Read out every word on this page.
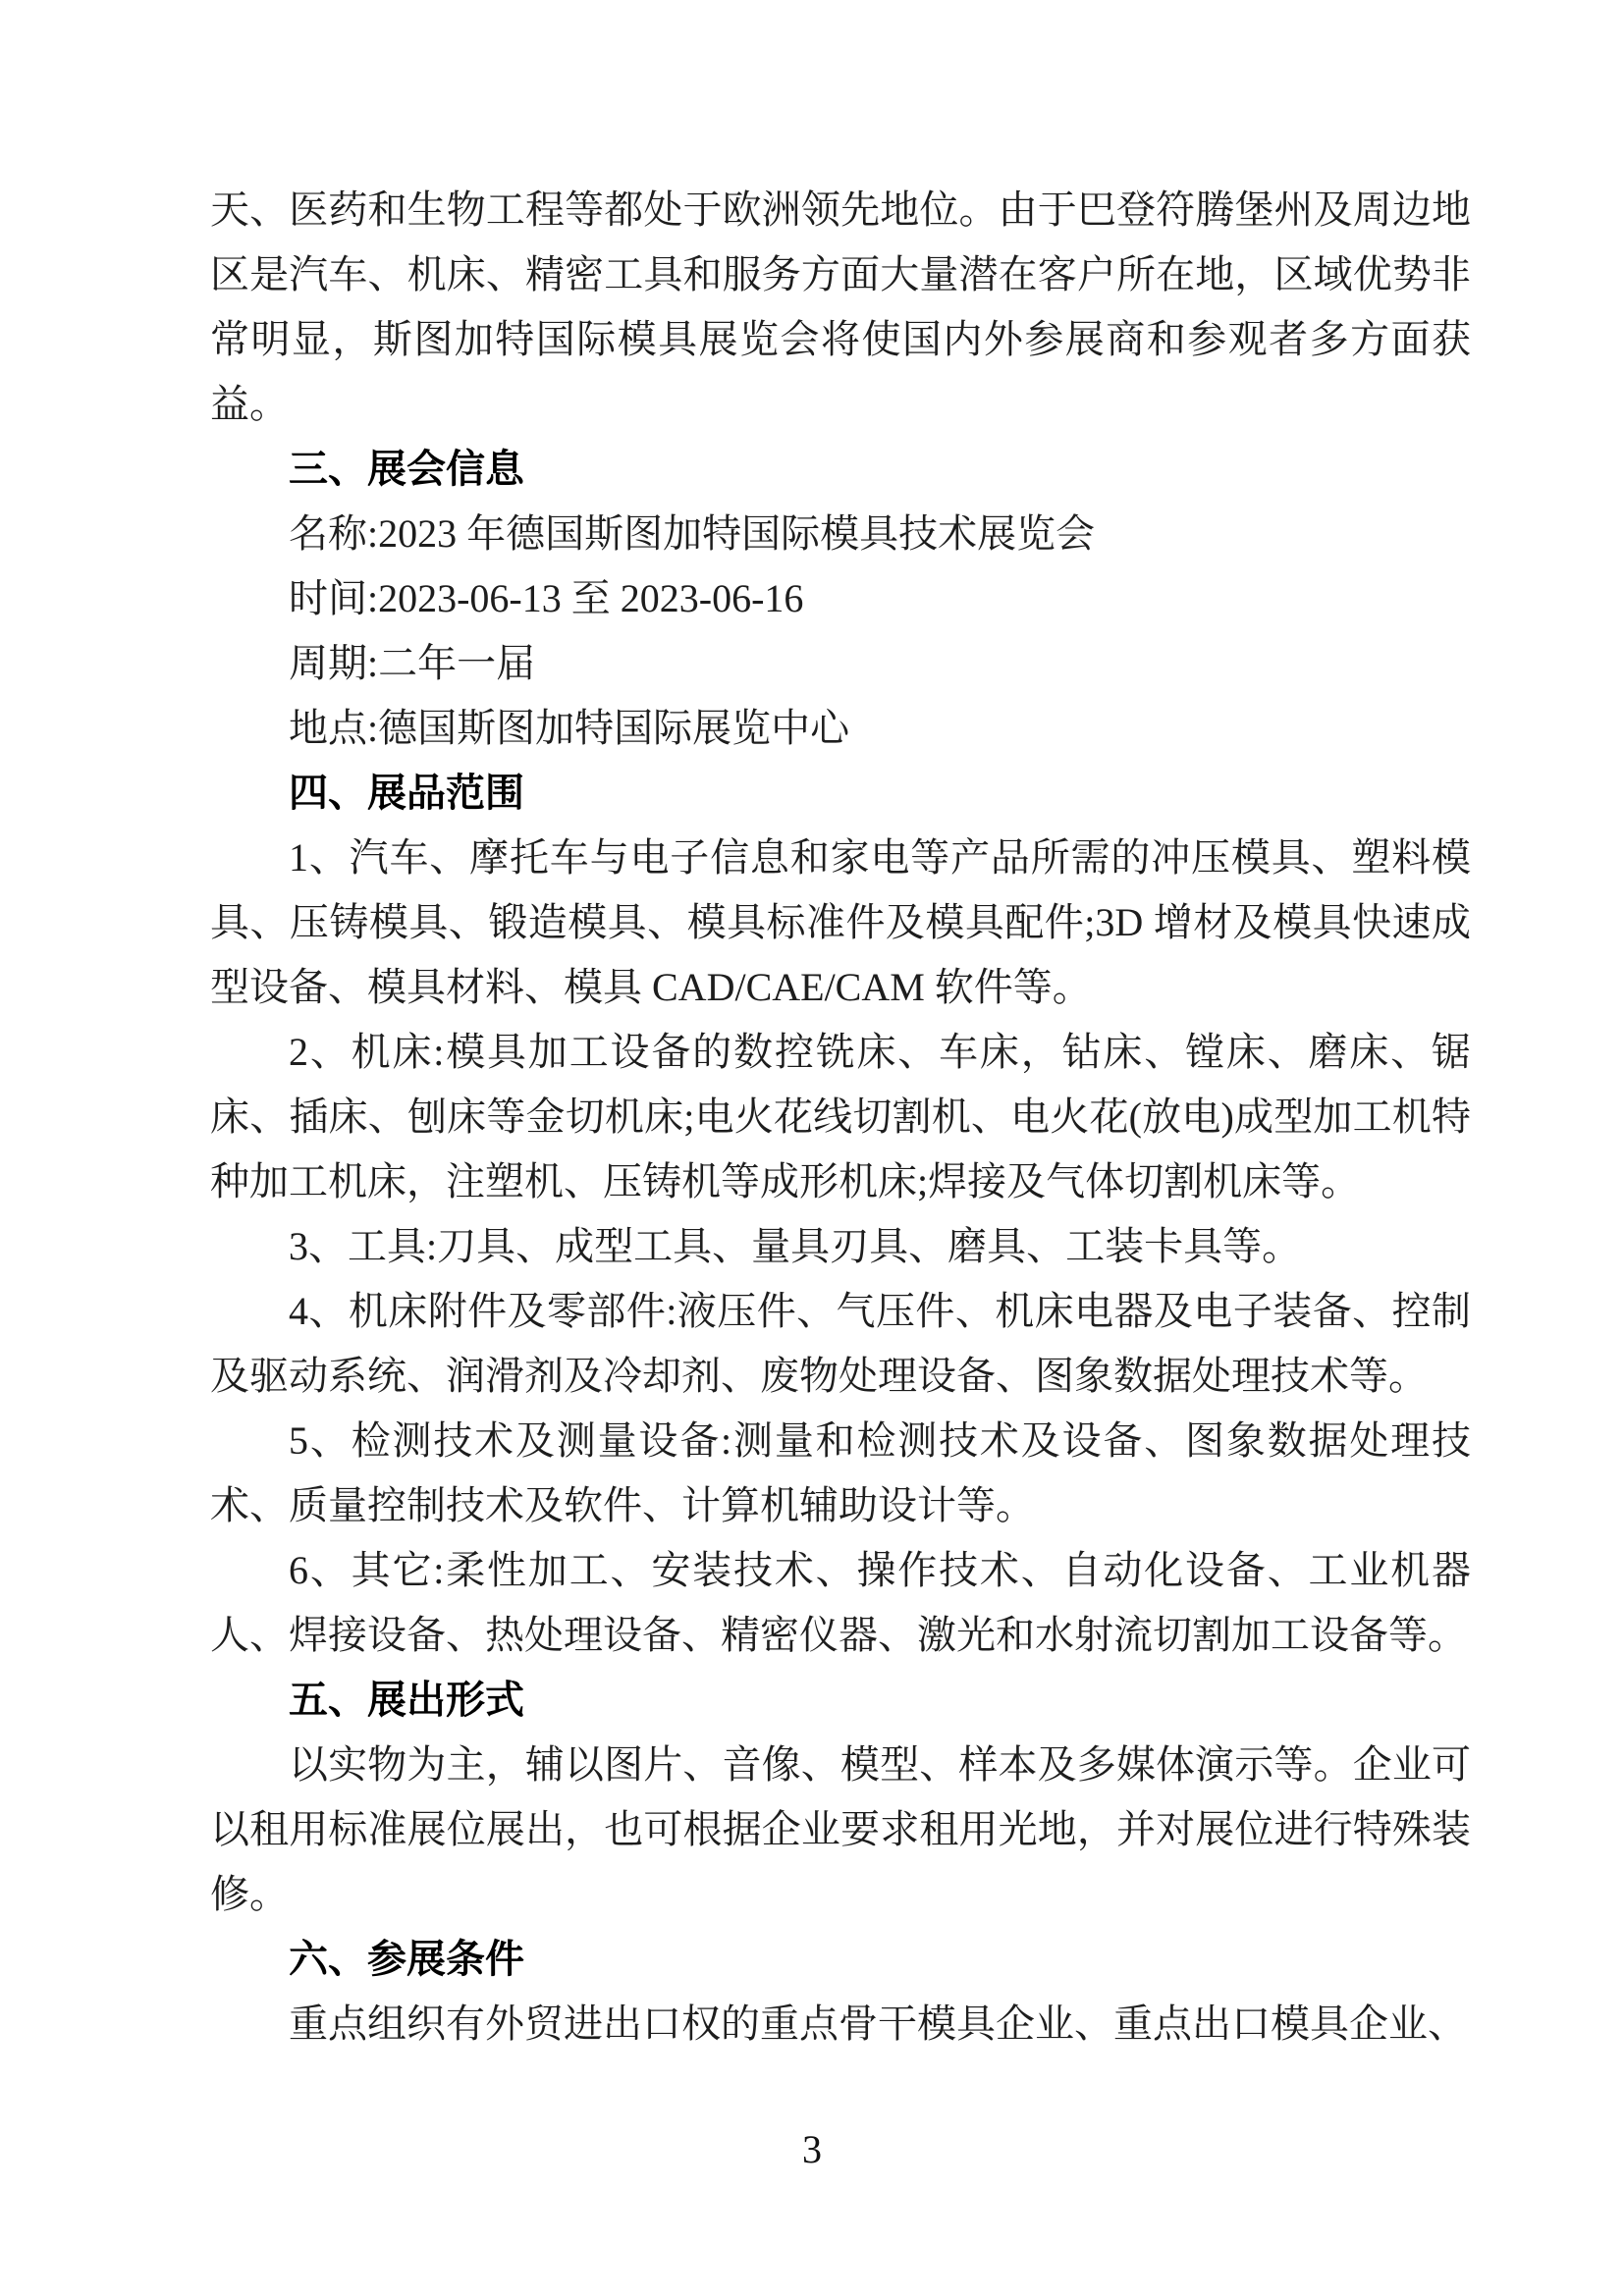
天、医药和生物工程等都处于欧洲领先地位。由于巴登符腾堡州及周边地区是汽车、机床、精密工具和服务方面大量潜在客户所在地，区域优势非常明显，斯图加特国际模具展览会将使国内外参展商和参观者多方面获益。
三、展会信息
名称:2023 年德国斯图加特国际模具技术展览会
时间:2023-06-13 至 2023-06-16
周期:二年一届
地点:德国斯图加特国际展览中心
四、展品范围
1、汽车、摩托车与电子信息和家电等产品所需的冲压模具、塑料模具、压铸模具、锻造模具、模具标准件及模具配件;3D 增材及模具快速成型设备、模具材料、模具 CAD/CAE/CAM 软件等。
2、机床:模具加工设备的数控铣床、车床，钻床、镗床、磨床、锯床、插床、刨床等金切机床;电火花线切割机、电火花(放电)成型加工机特种加工机床，注塑机、压铸机等成形机床;焊接及气体切割机床等。
3、工具:刀具、成型工具、量具刃具、磨具、工装卡具等。
4、机床附件及零部件:液压件、气压件、机床电器及电子装备、控制及驱动系统、润滑剂及冷却剂、废物处理设备、图象数据处理技术等。
5、检测技术及测量设备:测量和检测技术及设备、图象数据处理技术、质量控制技术及软件、计算机辅助设计等。
6、其它:柔性加工、安装技术、操作技术、自动化设备、工业机器人、焊接设备、热处理设备、精密仪器、激光和水射流切割加工设备等。
五、展出形式
以实物为主，辅以图片、音像、模型、样本及多媒体演示等。企业可以租用标准展位展出，也可根据企业要求租用光地，并对展位进行特殊装修。
六、参展条件
重点组织有外贸进出口权的重点骨干模具企业、重点出口模具企业、
3
